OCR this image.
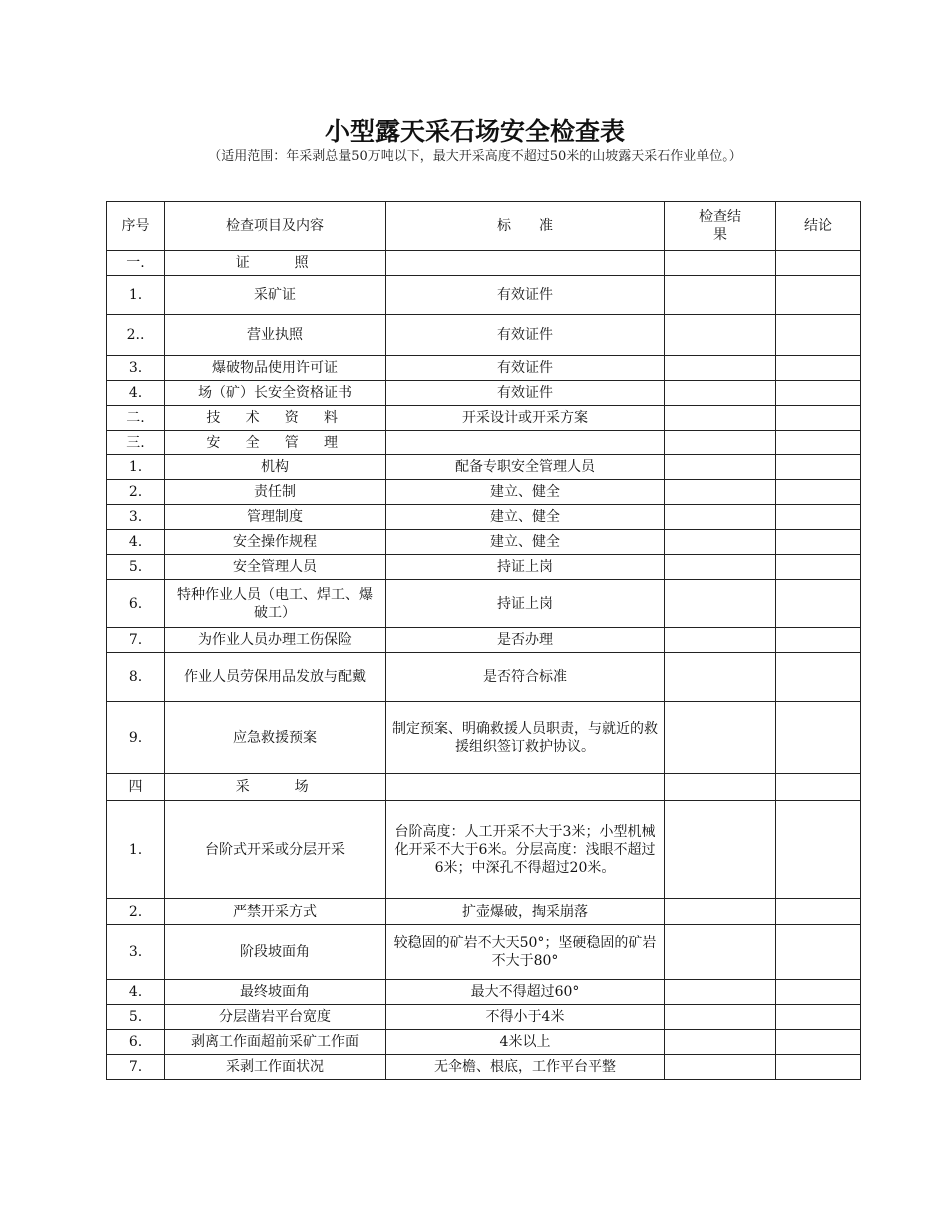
小型露天采石场安全检查表
（适用范围：年采剥总量50万吨以下，最大开采高度不超过50米的山坡露天采石作业单位。）
序号	检查项目及内容	标　　准	检查结果	结论
一.	证　　照			
1.	采矿证	有效证件		
2..	营业执照	有效证件		
3.	爆破物品使用许可证	有效证件		
4.	场（矿）长安全资格证书	有效证件		
二.	技　术　资　料	开采设计或开采方案		
三.	安　全　管　理			
1.	机构	配备专职安全管理人员		
2.	责任制	建立、健全		
3.	管理制度	建立、健全		
4.	安全操作规程	建立、健全		
5.	安全管理人员	持证上岗		
6.	特种作业人员（电工、焊工、爆破工）	持证上岗		
7.	为作业人员办理工伤保险	是否办理		
8.	作业人员劳保用品发放与配戴	是否符合标准		
9.	应急救援预案	制定预案、明确救援人员职责，与就近的救援组织签订救护协议。		
四	采　　场			
1.	台阶式开采或分层开采	台阶高度：人工开采不大于3米；小型机械化开采不大于6米。分层高度：浅眼不超过6米；中深孔不得超过20米。		
2.	严禁开采方式	扩壶爆破，掏采崩落		
3.	阶段坡面角	较稳固的矿岩不大天50°；坚硬稳固的矿岩不大于80°		
4.	最终坡面角	最大不得超过60°		
5.	分层凿岩平台宽度	不得小于4米		
6.	剥离工作面超前采矿工作面	4米以上		
7.	采剥工作面状况	无伞檐、根底，工作平台平整		
